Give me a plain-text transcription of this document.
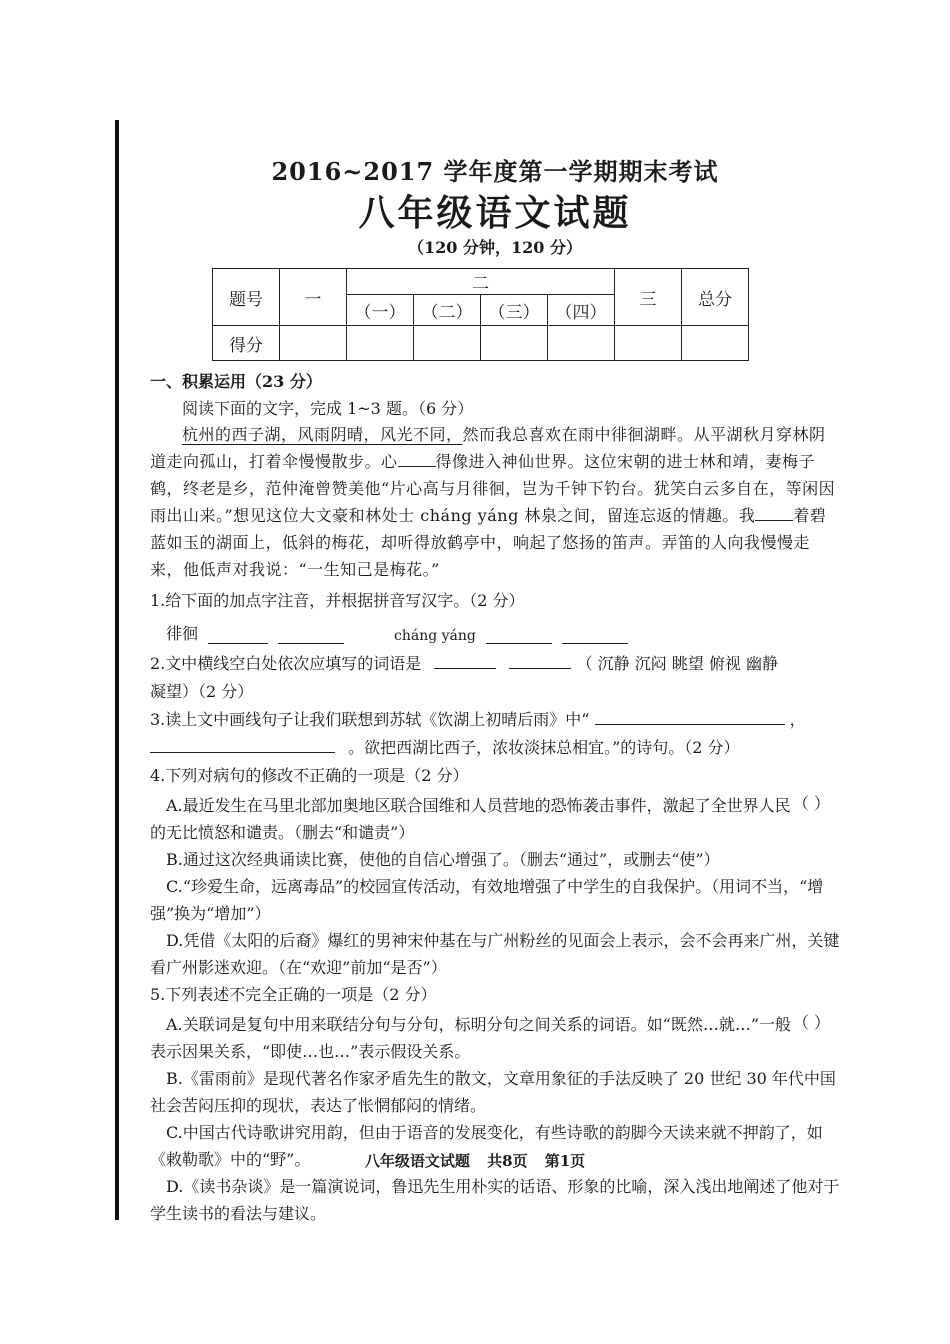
2016~2017 学年度第一学期期末考试
八年级语文试题
（120 分钟，120 分）
题号	一	二				三	总分
		（一）	（二）	（三）	（四）		
得分							
一、积累运用（23 分）
阅读下面的文字，完成 1~3 题。（6 分）
杭州的西子湖，风雨阴晴，风光不同，然而我总喜欢在雨中徘徊湖畔。从平湖秋月穿林阴道走向孤山，打着伞慢慢散步。心 得像进入神仙世界。这位宋朝的进士林和靖，妻梅子鹤，终老是乡，范仲淹曾赞美他“片心高与月徘徊，岂为千钟下钓台。犹笑白云多自在，等闲因雨出山来。”想见这位大文豪和林处士 cháng yáng 林泉之间，留连忘返的情趣。我 着碧蓝如玉的湖面上，低斜的梅花，却听得放鹤亭中，响起了悠扬的笛声。弄笛的人向我慢慢走来，他低声对我说：“一生知己是梅花。”
1.给下面的加点字注音，并根据拼音写汉字。（2 分）
徘徊	cháng yáng
2.文中横线空白处依次应填写的词语是	（ 沉静 沉闷 眺望 俯视 幽静
凝望）（2 分）
3.读上文中画线句子让我们联想到苏轼《饮湖上初晴后雨》中“	，
。欲把西湖比西子，浓妆淡抹总相宜。”的诗句。（2 分）
4.下列对病句的修改不正确的一项是（2 分）
（ ）
A.最近发生在马里北部加奥地区联合国维和人员营地的恐怖袭击事件，激起了全世界人民的无比愤怒和谴责。（删去“和谴责”）
B.通过这次经典诵读比赛，使他的自信心增强了。（删去“通过”，或删去“使”）
C.“珍爱生命，远离毒品”的校园宣传活动，有效地增强了中学生的自我保护。（用词不当，“增强”换为“增加”）
D.凭借《太阳的后裔》爆红的男神宋仲基在与广州粉丝的见面会上表示，会不会再来广州，关键看广州影迷欢迎。（在“欢迎”前加“是否”）
5.下列表述不完全正确的一项是（2 分）
（ ）
A.关联词是复句中用来联结分句与分句，标明分句之间关系的词语。如“既然…就…”一般表示因果关系，“即使…也…”表示假设关系。
B.《雷雨前》是现代著名作家矛盾先生的散文，文章用象征的手法反映了 20 世纪 30 年代中国社会苦闷压抑的现状，表达了怅惘郁闷的情绪。
C.中国古代诗歌讲究用韵，但由于语音的发展变化，有些诗歌的韵脚今天读来就不押韵了，如《敕勒歌》中的“野”。
D.《读书杂谈》是一篇演说词，鲁迅先生用朴实的话语、形象的比喻，深入浅出地阐述了他对于学生读书的看法与建议。
八年级语文试题 共8页 第1页
